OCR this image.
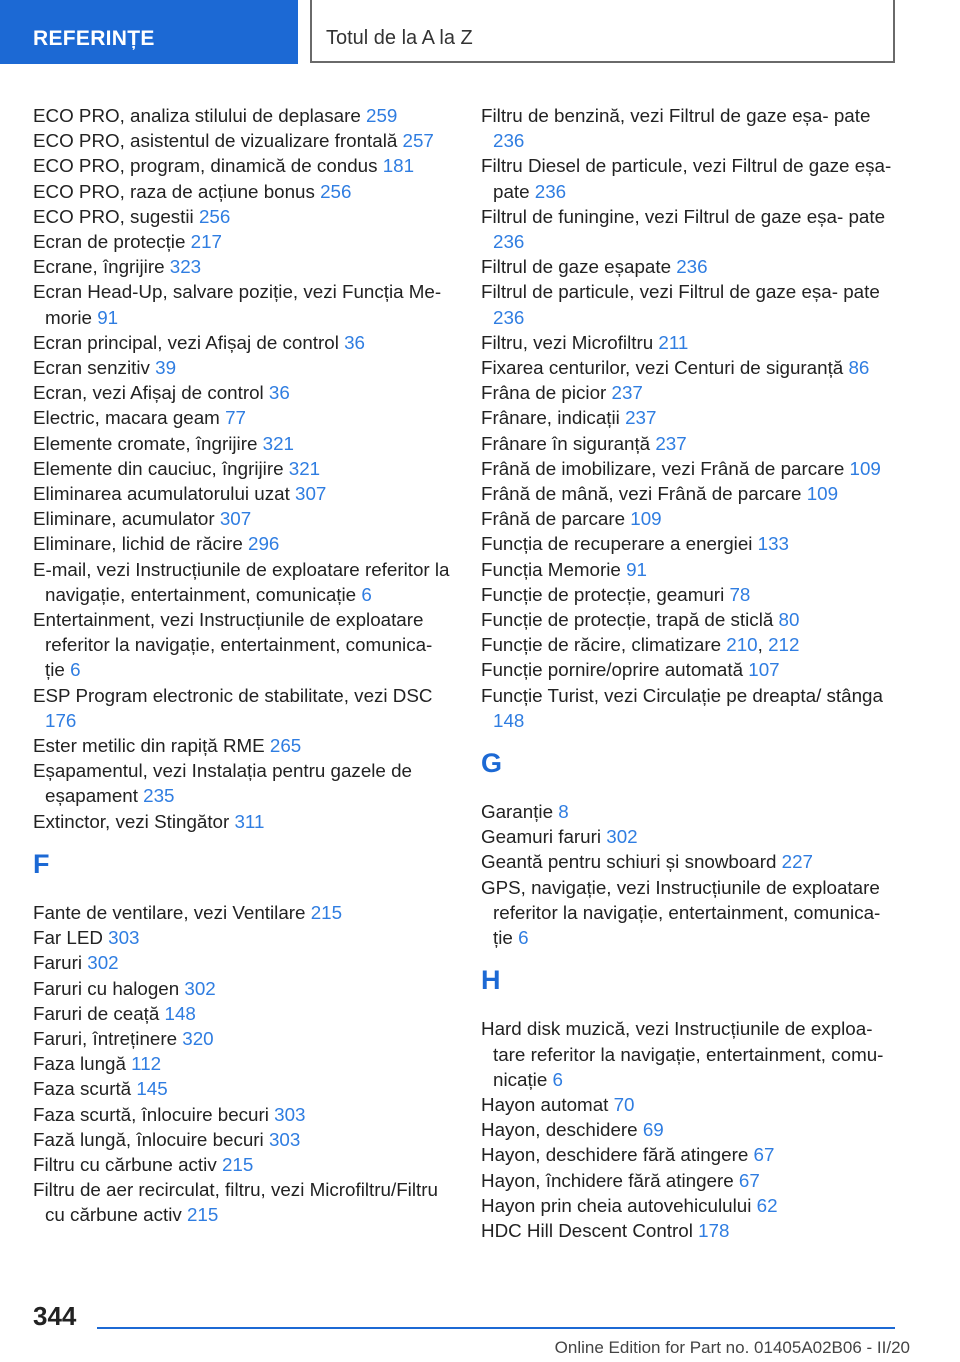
REFERINȚE	Totul de la A la Z
ECO PRO, analiza stilului de deplasare 259
ECO PRO, asistentul de vizualizare frontală 257
ECO PRO, program, dinamică de condus 181
ECO PRO, raza de acțiune bonus 256
ECO PRO, sugestii 256
Ecran de protecție 217
Ecrane, îngrijire 323
Ecran Head-Up, salvare poziție, vezi Funcția Me- morie 91
Ecran principal, vezi Afișaj de control 36
Ecran senzitiv 39
Ecran, vezi Afișaj de control 36
Electric, macara geam 77
Elemente cromate, îngrijire 321
Elemente din cauciuc, îngrijire 321
Eliminarea acumulatorului uzat 307
Eliminare, acumulator 307
Eliminare, lichid de răcire 296
E-mail, vezi Instrucțiunile de exploatare referitor la navigație, entertainment, comunicație 6
Entertainment, vezi Instrucțiunile de exploatare referitor la navigație, entertainment, comunica- ție 6
ESP Program electronic de stabilitate, vezi DSC 176
Ester metilic din rapiță RME 265
Eșapamentul, vezi Instalația pentru gazele de eșapament 235
Extinctor, vezi Stingător 311
F
Fante de ventilare, vezi Ventilare 215
Far LED 303
Faruri 302
Faruri cu halogen 302
Faruri de ceață 148
Faruri, întreținere 320
Faza lungă 112
Faza scurtă 145
Faza scurtă, înlocuire becuri 303
Fază lungă, înlocuire becuri 303
Filtru cu cărbune activ 215
Filtru de aer recirculat, filtru, vezi Microfiltru/Filtru cu cărbune activ 215
Filtru de benzină, vezi Filtrul de gaze eșa- pate 236
Filtru Diesel de particule, vezi Filtrul de gaze eșa- pate 236
Filtrul de funingine, vezi Filtrul de gaze eșa- pate 236
Filtrul de gaze eșapate 236
Filtrul de particule, vezi Filtrul de gaze eșa- pate 236
Filtru, vezi Microfiltru 211
Fixarea centurilor, vezi Centuri de siguranță 86
Frâna de picior 237
Frânare, indicații 237
Frânare în siguranță 237
Frână de imobilizare, vezi Frână de parcare 109
Frână de mână, vezi Frână de parcare 109
Frână de parcare 109
Funcția de recuperare a energiei 133
Funcția Memorie 91
Funcție de protecție, geamuri 78
Funcție de protecție, trapă de sticlă 80
Funcție de răcire, climatizare 210, 212
Funcție pornire/oprire automată 107
Funcție Turist, vezi Circulație pe dreapta/ stânga 148
G
Garanție 8
Geamuri faruri 302
Geantă pentru schiuri și snowboard 227
GPS, navigație, vezi Instrucțiunile de exploatare referitor la navigație, entertainment, comunica- ție 6
H
Hard disk muzică, vezi Instrucțiunile de exploa- tare referitor la navigație, entertainment, comu- nicație 6
Hayon automat 70
Hayon, deschidere 69
Hayon, deschidere fără atingere 67
Hayon, închidere fără atingere 67
Hayon prin cheia autovehiculului 62
HDC Hill Descent Control 178
344
Online Edition for Part no. 01405A02B06 - II/20
